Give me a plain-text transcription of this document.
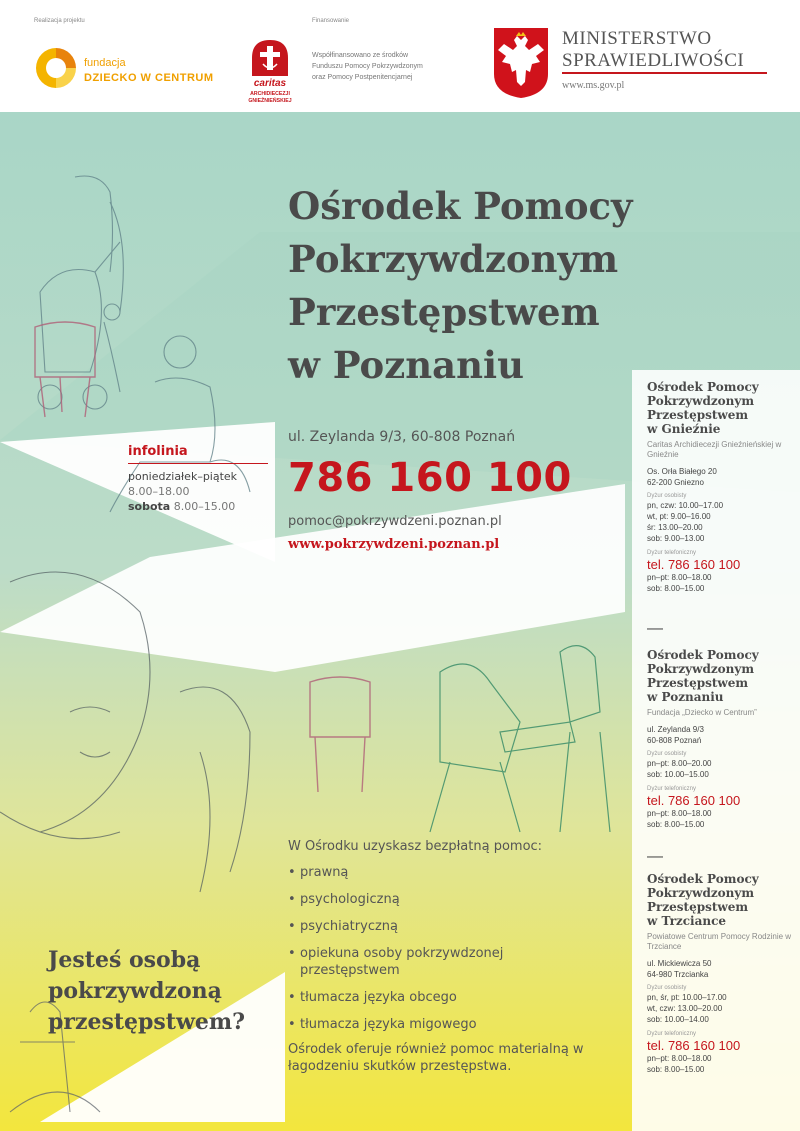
Realizacja projektu	Finansowanie
fundacja
DZIECKO W CENTRUM	caritas
ARCHIDIECEZJI
GNIEŹNIEŃSKIEJ
Współfinansowano ze środków
Funduszu Pomocy Pokrzywdzonym
oraz Pomocy Postpenitencjarnej
MINISTERSTWO
SPRAWIEDLIWOŚCI
www.ms.gov.pl
Ośrodek Pomocy
Pokrzywdzonym
Przestępstwem
w Poznaniu
infolinia
poniedziałek–piątek
8.00–18.00
sobota 8.00–15.00
ul. Zeylanda 9/3, 60-808 Poznań
786 160 100
pomoc@pokrzywdzeni.poznan.pl
www.pokrzywdzeni.poznan.pl
W Ośrodku uzyskasz bezpłatną pomoc:
• prawną
• psychologiczną
• psychiatryczną
• opiekuna osoby pokrzywdzonej przestępstwem
• tłumacza języka obcego
• tłumacza języka migowego
Ośrodek oferuje również pomoc materialną w łagodzeniu skutków przestępstwa.
Jesteś osobą
pokrzywdzoną
przestępstwem?
Ośrodek Pomocy
Pokrzywdzonym
Przestępstwem
w Gnieźnie
Caritas Archidiecezji Gnieźnieńskiej w Gnieźnie
Os. Orła Białego 20
62-200 Gniezno
Dyżur osobisty
pn, czw: 10.00–17.00
wt, pt: 9.00–16.00
śr: 13.00–20.00
sob: 9.00–13.00
Dyżur telefoniczny
tel. 786 160 100
pn–pt: 8.00–18.00
sob: 8.00–15.00
—
Ośrodek Pomocy
Pokrzywdzonym
Przestępstwem
w Poznaniu
Fundacja „Dziecko w Centrum”
ul. Zeylanda 9/3
60-808 Poznań
Dyżur osobisty
pn–pt: 8.00–20.00
sob: 10.00–15.00
Dyżur telefoniczny
tel. 786 160 100
pn–pt: 8.00–18.00
sob: 8.00–15.00
—
Ośrodek Pomocy
Pokrzywdzonym
Przestępstwem
w Trzciance
Powiatowe Centrum Pomocy Rodzinie w Trzciance
ul. Mickiewicza 50
64-980 Trzcianka
Dyżur osobisty
pn, śr, pt: 10.00–17.00
wt, czw: 13.00–20.00
sob: 10.00–14.00
Dyżur telefoniczny
tel. 786 160 100
pn–pt: 8.00–18.00
sob: 8.00–15.00
